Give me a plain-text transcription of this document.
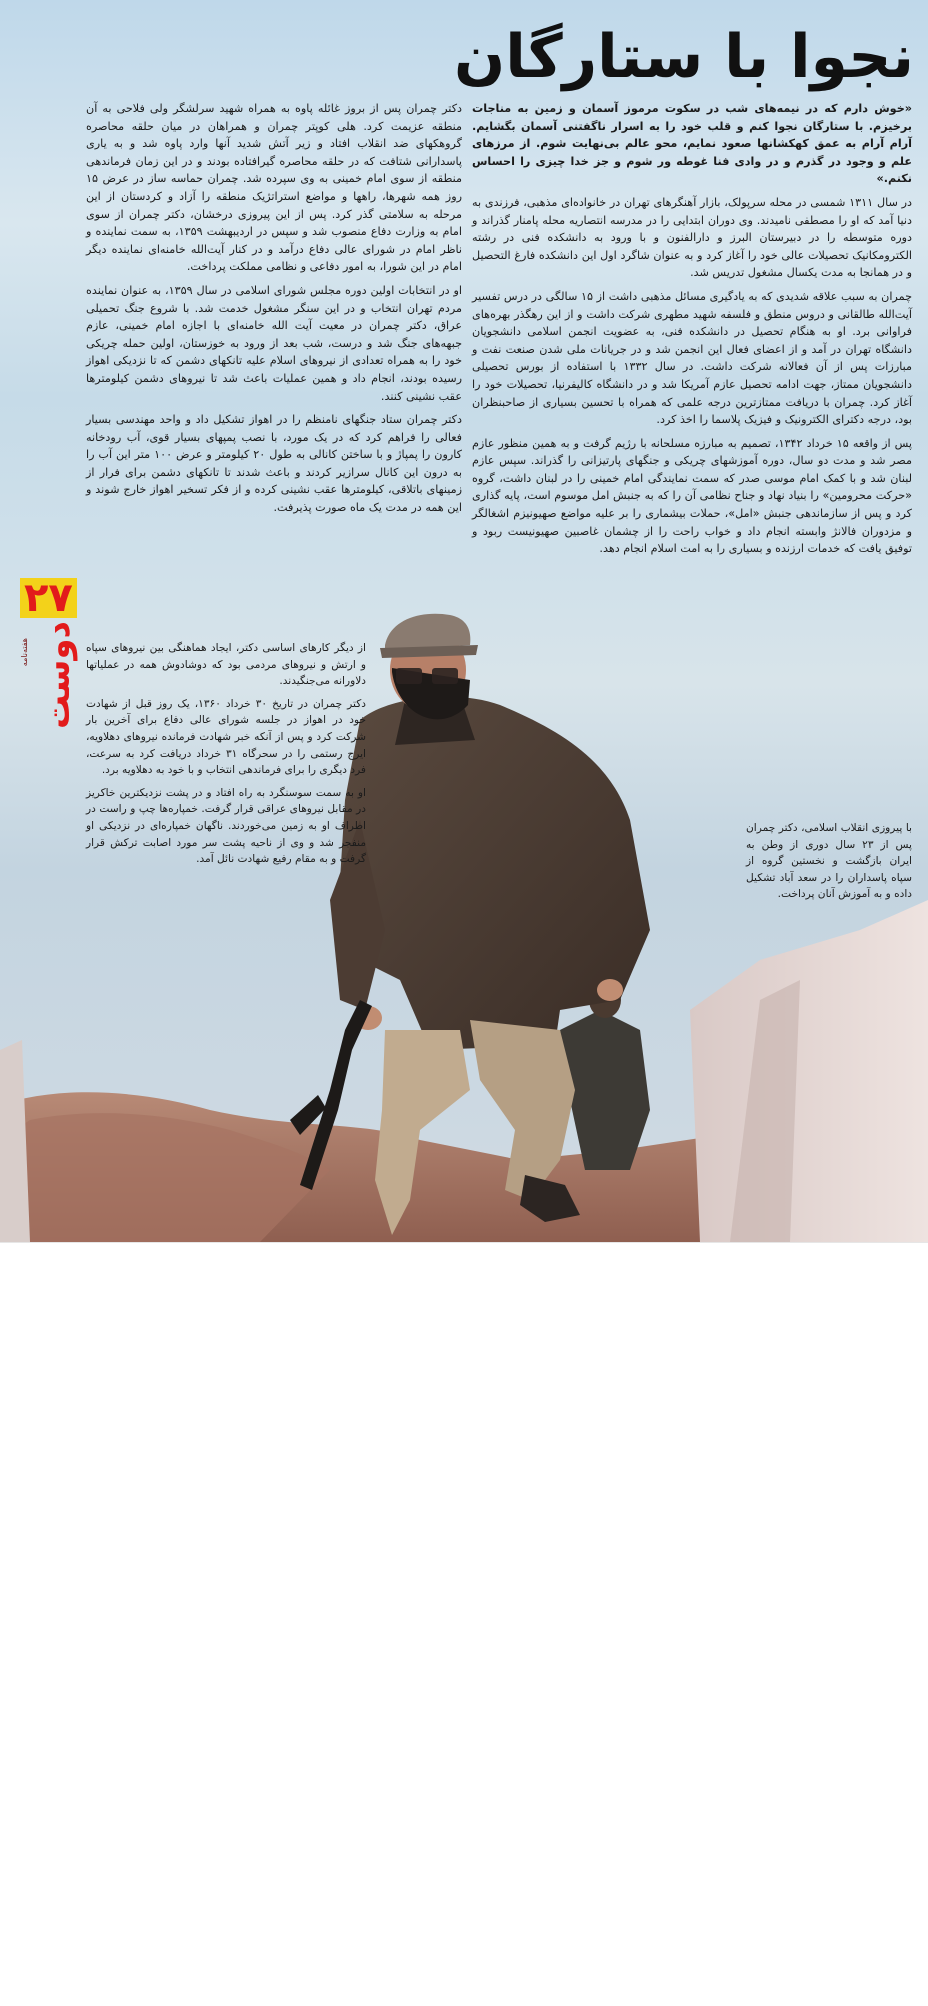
نجوا با ستارگان

«خوش دارم که در نیمه‌های شب در سکوت مرموز آسمان و زمین به مناجات برخیزم. با ستارگان نجوا کنم و قلب خود را به اسرار ناگفتنی آسمان بگشایم. آرام آرام به عمق کهکشانها صعود نمایم، محو عالم بی‌نهایت شوم. از مرزهای علم و وجود در گذرم و در وادی فنا غوطه ور شوم و جز خدا چیزی را احساس نکنم.»

در سال ۱۳۱۱ شمسی در محله سرپولک، بازار آهنگرهای تهران در خانواده‌ای مذهبی، فرزندی به دنیا آمد که او را مصطفی نامیدند. وی دوران ابتدایی را در مدرسه انتصاریه محله پامنار گذراند و دوره متوسطه را در دبیرستان البرز و دارالفنون و با ورود به دانشکده فنی در رشته الکترومکانیک تحصیلات عالی خود را آغاز کرد و به عنوان شاگرد اول این دانشکده فارغ التحصیل و در همانجا به مدت یکسال مشغول تدریس شد.

چمران به سبب علاقه شدیدی که به یادگیری مسائل مذهبی داشت از ۱۵ سالگی در درس تفسیر آیت‌الله طالقانی و دروس منطق و فلسفه شهید مطهری شرکت داشت و از این رهگذر بهره‌های فراوانی برد. او به هنگام تحصیل در دانشکده فنی، به عضویت انجمن اسلامی دانشجویان دانشگاه تهران در آمد و از اعضای فعال این انجمن شد و در جریانات ملی شدن صنعت نفت و مبارزات پس از آن فعالانه شرکت داشت. در سال ۱۳۳۲ با استفاده از بورس تحصیلی دانشجویان ممتاز، جهت ادامه تحصیل عازم آمریکا شد و در دانشگاه کالیفرنیا، تحصیلات خود را آغاز کرد. چمران با دریافت ممتازترین درجه علمی که همراه با تحسین بسیاری از صاحبنظران بود، درجه دکترای الکترونیک و فیزیک پلاسما را اخذ کرد.

پس از واقعه ۱۵ خرداد ۱۳۴۲، تصمیم به مبارزه مسلحانه با رژیم گرفت و به همین منظور عازم مصر شد و مدت دو سال، دوره آموزشهای چریکی و جنگهای پارتیزانی را گذراند. سپس عازم لبنان شد و با کمک امام موسی صدر که سمت نمایندگی امام خمینی را در لبنان داشت، گروه «حرکت محرومین» را بنیاد نهاد و جناح نظامی آن را که به جنبش امل موسوم است، پایه گذاری کرد و پس از سازماندهی جنبش «امل»، حملات بیشماری را بر علیه مواضع صهیونیزم اشغالگر و مزدوران فالانژ وابسته انجام داد و خواب راحت را از چشمان غاصبین صهیونیست ربود و توفیق یافت که خدمات ارزنده و بسیاری را به امت اسلام انجام دهد.

با پیروزی انقلاب اسلامی، دکتر چمران پس از ۲۳ سال دوری از وطن به ایران بازگشت و نخستین گروه از سپاه پاسداران را در سعد آباد تشکیل داده و به آموزش آنان پرداخت.

دکتر چمران پس از بروز غائله پاوه به همراه شهید سرلشگر ولی فلاحی به آن منطقه عزیمت کرد. هلی کوپتر چمران و همراهان در میان حلقه محاصره گروهکهای ضد انقلاب افتاد و زیر آتش شدید آنها وارد پاوه شد و به یاری پاسدارانی شتافت که در حلقه محاصره گیرافتاده بودند و در این زمان فرماندهی منطقه از سوی امام خمینی به وی سپرده شد. چمران حماسه ساز در عرض ۱۵ روز همه شهرها، راهها و مواضع استراتژیک منطقه را آزاد و کردستان از این مرحله به سلامتی گذر کرد. پس از این پیروزی درخشان، دکتر چمران از سوی امام به وزارت دفاع منصوب شد و سپس در اردیبهشت ۱۳۵۹، به سمت نماینده و ناظر امام در شورای عالی دفاع درآمد و در کنار آیت‌الله خامنه‌ای نماینده دیگر امام در این شورا، به امور دفاعی و نظامی مملکت پرداخت.

او در انتخابات اولین دوره مجلس شورای اسلامی در سال ۱۳۵۹، به عنوان نماینده مردم تهران انتخاب و در این سنگر مشغول خدمت شد. با شروع جنگ تحمیلی عراق، دکتر چمران در معیت آیت الله خامنه‌ای با اجازه امام خمینی، عازم جبهه‌های جنگ شد و درست، شب بعد از ورود به خوزستان، اولین حمله چریکی خود را به همراه تعدادی از نیروهای اسلام علیه تانکهای دشمن که تا نزدیکی اهواز رسیده بودند، انجام داد و همین عملیات باعث شد تا نیروهای دشمن کیلومترها عقب نشینی کنند.

دکتر چمران ستاد جنگهای نامنظم را در اهواز تشکیل داد و واحد مهندسی بسیار فعالی را فراهم کرد که در یک مورد، با نصب پمپهای بسیار قوی، آب رودخانه کارون را پمپاژ و با ساختن کانالی به طول ۲۰ کیلومتر و عرض ۱۰۰ متر این آب را به درون این کانال سرازیر کردند و باعث شدند تا تانکهای دشمن برای فرار از زمینهای باتلاقی، کیلومترها عقب نشینی کرده و از فکر تسخیر اهواز خارج شوند و این همه در مدت یک ماه صورت پذیرفت.

از دیگر کارهای اساسی دکتر، ایجاد هماهنگی بین نیروهای سپاه و ارتش و نیروهای مردمی بود که دوشادوش همه در عملیاتها دلاورانه می‌جنگیدند.

دکتر چمران در تاریخ ۳۰ خرداد ۱۳۶۰، یک روز قبل از شهادت خود در اهواز در جلسه شورای عالی دفاع برای آخرین بار شرکت کرد و پس از آنکه خبر شهادت فرمانده نیروهای دهلاویه، ایرج رستمی را در سحرگاه ۳۱ خرداد دریافت کرد به سرعت، فرد دیگری را برای فرماندهی انتخاب و با خود به دهلاویه برد.

او به سمت سوسنگرد به راه افتاد و در پشت نزدیکترین خاکریز در مقابل نیروهای عراقی قرار گرفت. خمپاره‌ها چپ و راست در اطراف او به زمین می‌خوردند. ناگهان خمپاره‌ای در نزدیکی او منفجر شد و وی از ناحیه پشت سر مورد اصابت ترکش قرار گرفت و به مقام رفیع شهادت نائل آمد.

۲۷
دوست
هفته‌نامه
